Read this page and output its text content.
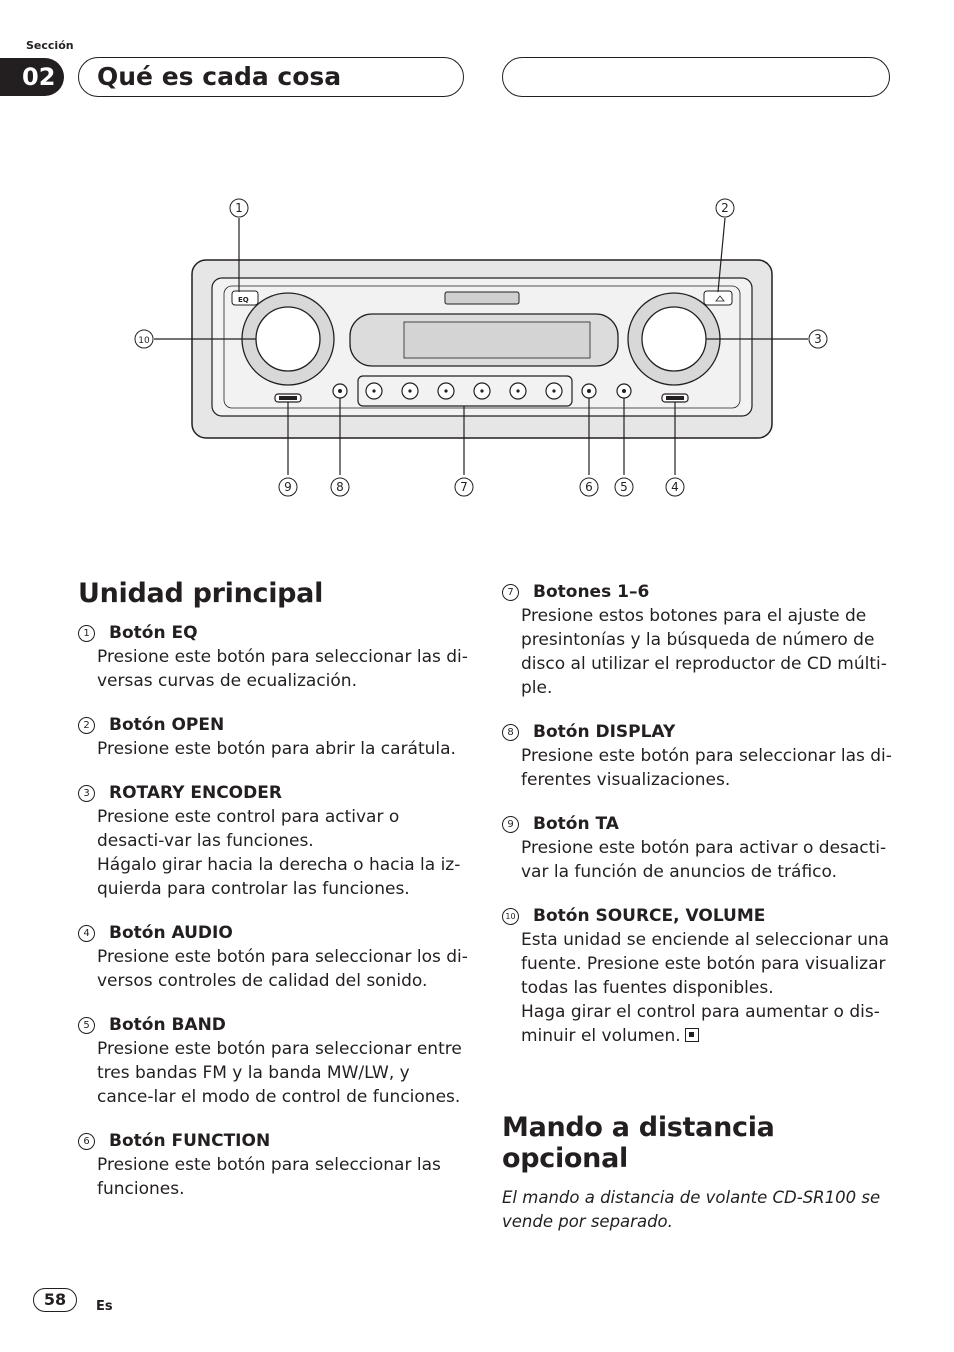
Sección
02	Qué es cada cosa
EQ
1	2
3
4
5
6
7
8
9
10
Unidad principal
1 Botón EQ

Presione este botón para seleccionar las di-versas curvas de ecualización.

2 Botón OPEN

Presione este botón para abrir la carátula.

3 ROTARY ENCODER

Presione este control para activar o desacti-var las funciones.

Hágalo girar hacia la derecha o hacia la iz-quierda para controlar las funciones.

4 Botón AUDIO

Presione este botón para seleccionar los di-versos controles de calidad del sonido.

5 Botón BAND

Presione este botón para seleccionar entre tres bandas FM y la banda MW/LW, y cance-lar el modo de control de funciones.

6 Botón FUNCTION

Presione este botón para seleccionar las funciones.

7 Botones 1–6

Presione estos botones para el ajuste de presintonías y la búsqueda de número de disco al utilizar el reproductor de CD múlti-ple.

8 Botón DISPLAY

Presione este botón para seleccionar las di-ferentes visualizaciones.

9 Botón TA

Presione este botón para activar o desacti-var la función de anuncios de tráfico.

10 Botón SOURCE, VOLUME

Esta unidad se enciende al seleccionar una fuente. Presione este botón para visualizar todas las fuentes disponibles.

Haga girar el control para aumentar o dis-minuir el volumen.

Mando a distancia opcional
El mando a distancia de volante CD-SR100 se vende por separado.
58	Es
